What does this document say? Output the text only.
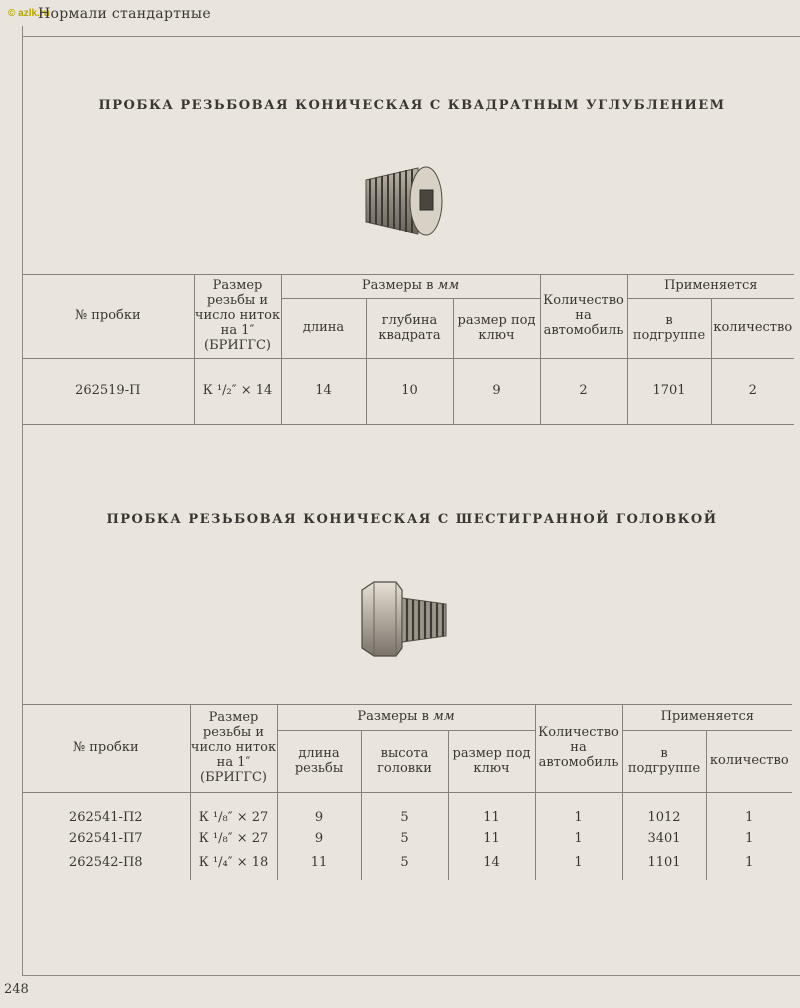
© azlk.ru
Нормали стандартные
ПРОБКА РЕЗЬБОВАЯ КОНИЧЕСКАЯ С КВАДРАТНЫМ УГЛУБЛЕНИЕМ
№ пробки	Размер резьбы и число ниток на 1″ (БРИГГС)	Размеры в мм			Количество на автомобиль	Применяется	
		длина	глубина квадрата	размер под ключ		в подгруппе	количество
262519-П	К ¹/₂″ × 14	14	10	9	2	1701	2
ПРОБКА РЕЗЬБОВАЯ КОНИЧЕСКАЯ С ШЕСТИГРАННОЙ ГОЛОВКОЙ
№ пробки	Размер резьбы и число ниток на 1″ (БРИГГС)	Размеры в мм			Количество на автомобиль	Применяется	
		длина резьбы	высота головки	размер под ключ		в подгруппе	количество
262541-П2	К ¹/₈″ × 27	9	5	11	1	1012	1
262541-П7	К ¹/₈″ × 27	9	5	11	1	3401	1
262542-П8	К ¹/₄″ × 18	11	5	14	1	1101	1
248
